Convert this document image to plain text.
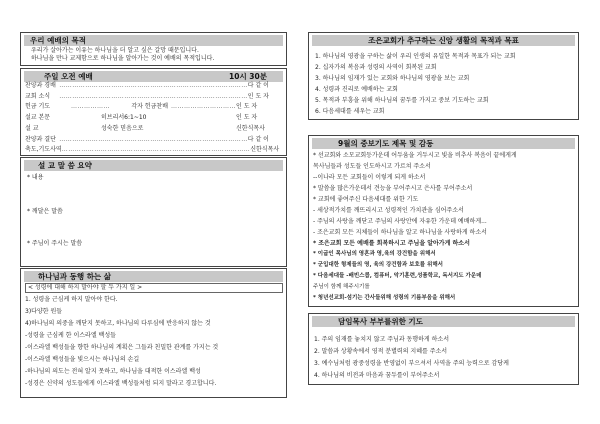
우리 예배의 목적
우리가 살아가는 이유는 하나님을 더 알고 싶은 갈망 때문입니다.
하나님을 만나 교제함으로 하나님을 알아가는 것이 예배의 목적입니다.
주일 오전 예배	10시 30분
찬양과 경배 …………………………………………………………………………… 다 같 이
교회 소식	…………………………………………………………………………… 인 도 자
헌금 기도	………………	각자 헌금찬배 ………………………… 인 도 자
설교 본문	히브리서6:1~10	인 도 자
설 교	성숙한 믿음으로	신한식목사
찬양과 결단 …………………………………………………………………………… 다 같 이
축도,기도사역 …………………………………………………………………………… 신한식목사
설 교 말 씀 요약
* 내용
* 깨달은 말씀
* 주님이 주시는 말씀
하나님과 동행 하는 삶
< 성령에 대해 하지 말아야 할 두 가지 일 >
1. 성령을 근심케 하지 말아야 한다.
3)다양한 원들
4)하나님의 의중을 깨닫지 못하고, 하나님의 다루심에 반응하지 않는 것
-성령을 근심케 한 이스라엘 백성들
-이스라엘 백성들을 향한 하나님의 계획은 그들과 친밀한 관계를 가지는 것
-이스라엘 백성들을 빛으시는 하나님의 손길
-하나님의 의도는 전혀 알지 못하고, 하나님을 대적한 이스라엘 백성
-성경은 신약의 성도들에게 이스라엘 백성들처럼 되지 말라고 경고합니다.
조은교회가 추구하는 신앙 생활의 목적과 목표
1. 하나님의 영광을 구하는 삶이 우리 인생의 유일한 목적과 목표가 되는 교회
2. 십자가의 복음과 성령의 사역이 회복된 교회
3. 하나님의 임재가 있는 교회와 하나님의 영광을 보는 교회
4. 성령과 진리로 예배하는 교회
5. 목적과 부흥을 위해 하나님의 꿈두를 가지고 중보 기도하는 교회
6. 다음세대를 세우는 교회
9월의 중보기도 제목 및 감동
* 선교회와 소모교회등가운데 어두움을 거두시고 빛을 비추사 복음이 끝에게게
목사님들과 성도들 인도하시고 가르쳐 주소서
--이나라 모든 교회들이 이렇게 되게 하소서
* 말씀을 많은가운데서 견능을 부어주시고 은사를 부어주소서
* 교회에 좋여주신 다음세대를 위한 기도
- 세상적가치를 깨뜨리시고 성령적인 가치관을 심어주소서
- 주님의 사랑을 깨닫고 주님의 사랑안에 자유한 가운데 예배하게...
- 조은교회 모든 지체들이 하나님을 알고 하나님을 사랑하게 하소서
* 조은교회 모든 예배를 회복하시고 주님을 알아가게 하소서
* 이굽인 목사님의 영혼과 영,육의 강건함을 위해서
* 군입대한 형제들의 영, 육의 강건함과 보호를 위해서
* 다음세대들 -배빈스콥, 컴퓨터, 악기훈련,성품학교, 독서지도 가운데
주님이 함께 해주시기를
* 청년선교회-섬기는 간사들위해 성령의 기름부음을 위해서
담임목사 부부를위한 기도
1. 주의 임재를 놓치지 않고 주님과 동행하게 하소서
2. 말씀과 상황속에서 영적 분별력의 지혜를 주소서
3. 예수님처럼 광중성령을 반영없이 부으셔서 사역을 주의 능력으로 감당케
4. 하나님의 비전과 마음과 꿈두를이 부어주소서
